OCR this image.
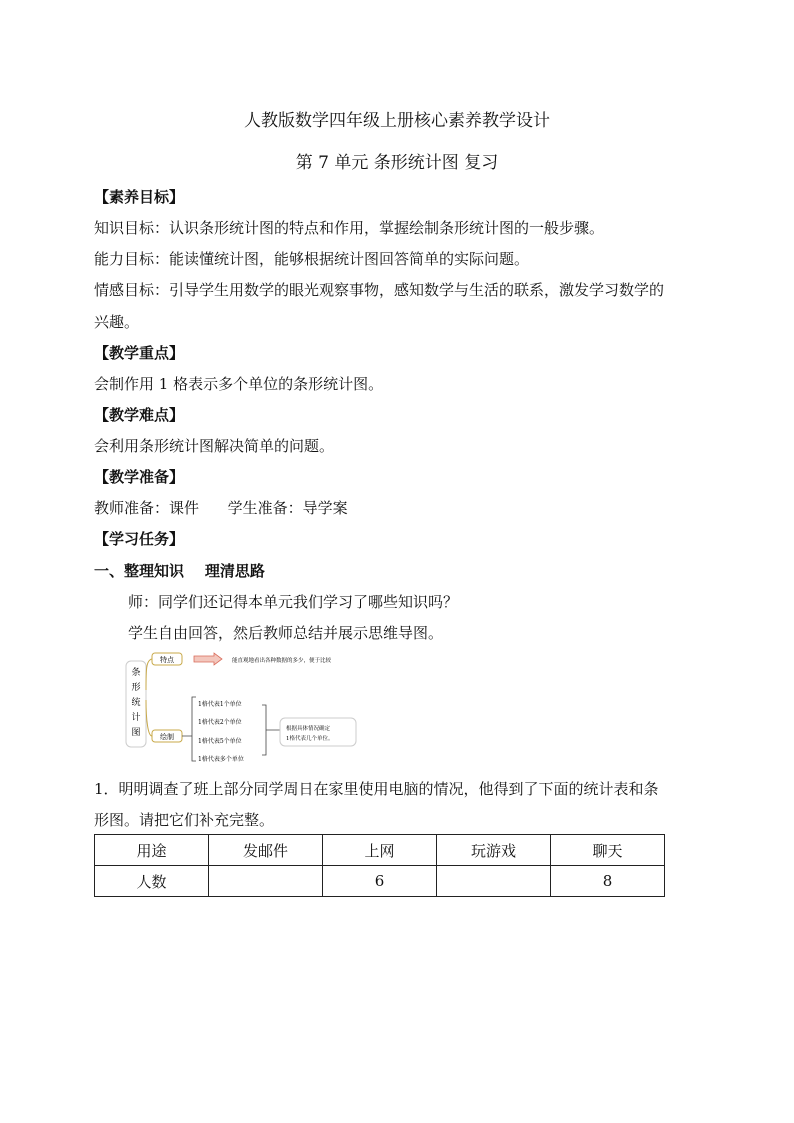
人教版数学四年级上册核心素养教学设计
第 7 单元 条形统计图 复习
【素养目标】
知识目标：认识条形统计图的特点和作用，掌握绘制条形统计图的一般步骤。
能力目标：能读懂统计图，能够根据统计图回答简单的实际问题。
情感目标：引导学生用数学的眼光观察事物，感知数学与生活的联系，激发学习数学的
兴趣。
【教学重点】
会制作用 1 格表示多个单位的条形统计图。
【教学难点】
会利用条形统计图解决简单的问题。
【教学准备】
教师准备：课件      学生准备：导学案
【学习任务】
一、整理知识    理清思路
师：同学们还记得本单元我们学习了哪些知识吗？
学生自由回答，然后教师总结并展示思维导图。
条
形
统
计
图
特点	能直观地看出各种数据的多少，便于比较
绘制
1格代表1个单位
1格代表2个单位
1格代表5个单位
1格代表多个单位
根据具体情况确定
1格代表几个单位。
1．明明调查了班上部分同学周日在家里使用电脑的情况，他得到了下面的统计表和条
形图。请把它们补充完整。
用途	发邮件	上网	玩游戏	聊天
人数		6		8
